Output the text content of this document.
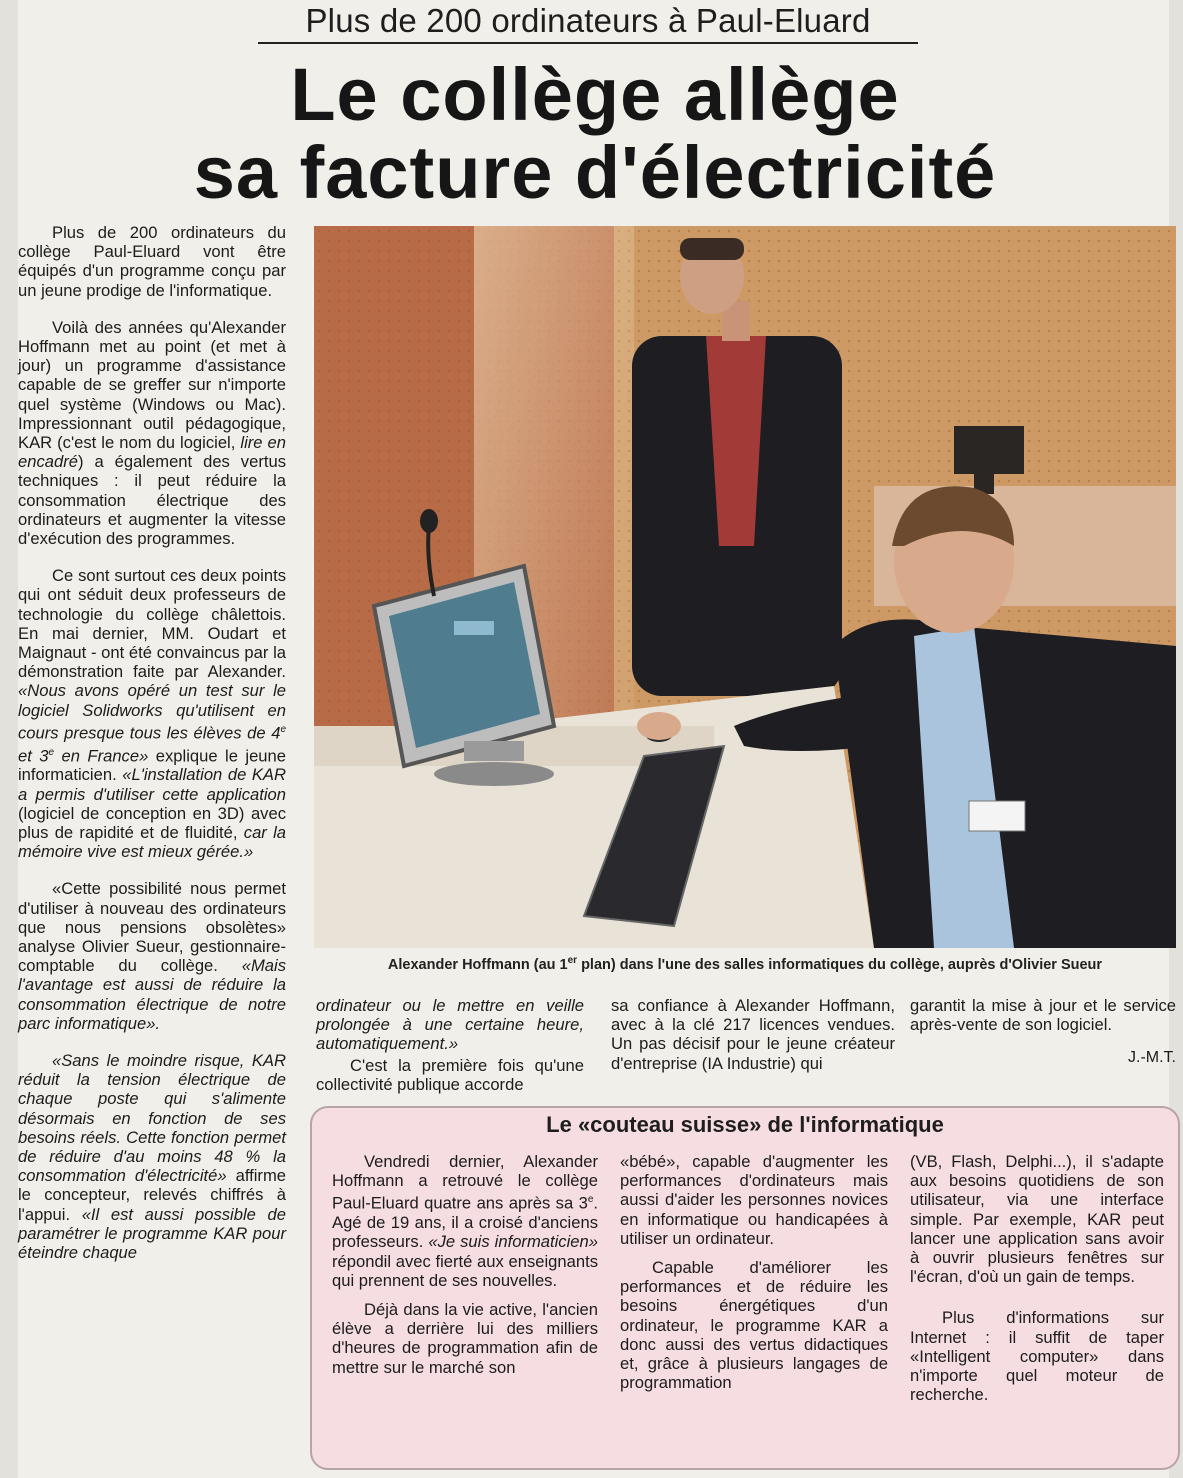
Plus de 200 ordinateurs à Paul-Eluard
Le collège allège
sa facture d'électricité

Plus de 200 ordinateurs du collège Paul-Eluard vont être équipés d'un programme conçu par un jeune prodige de l'informatique.

Voilà des années qu'Alexander Hoffmann met au point (et met à jour) un programme d'assistance capable de se greffer sur n'importe quel système (Windows ou Mac). Impressionnant outil pédagogique, KAR (c'est le nom du logiciel, lire en encadré) a également des vertus techniques : il peut réduire la consommation électrique des ordinateurs et augmenter la vitesse d'exécution des programmes.

Ce sont surtout ces deux points qui ont séduit deux professeurs de technologie du collège châlettois. En mai dernier, MM. Oudart et Maignaut - ont été convaincus par la démonstration faite par Alexander. «Nous avons opéré un test sur le logiciel Solidworks qu'utilisent en cours presque tous les élèves de 4e et 3e en France» explique le jeune informaticien. «L'installation de KAR a permis d'utiliser cette application (logiciel de conception en 3D) avec plus de rapidité et de fluidité, car la mémoire vive est mieux gérée.»

«Cette possibilité nous permet d'utiliser à nouveau des ordinateurs que nous pensions obsolètes» analyse Olivier Sueur, gestionnaire-comptable du collège. «Mais l'avantage est aussi de réduire la consommation électrique de notre parc informatique».

«Sans le moindre risque, KAR réduit la tension électrique de chaque poste qui s'alimente désormais en fonction de ses besoins réels. Cette fonction permet de réduire d'au moins 48 % la consommation d'électricité» affirme le concepteur, relevés chiffrés à l'appui. «Il est aussi possible de paramétrer le programme KAR pour éteindre chaque

Alexander Hoffmann (au 1er plan) dans l'une des salles informatiques du collège, auprès d'Olivier Sueur

ordinateur ou le mettre en veille prolongée à une certaine heure, automatiquement.»

C'est la première fois qu'une collectivité publique accorde

sa confiance à Alexander Hoffmann, avec à la clé 217 licences vendues. Un pas décisif pour le jeune créateur d'entreprise (IA Industrie) qui

garantit la mise à jour et le service après-vente de son logiciel.

J.-M.T.
Le «couteau suisse» de l'informatique

Vendredi dernier, Alexander Hoffmann a retrouvé le collège Paul-Eluard quatre ans après sa 3e. Agé de 19 ans, il a croisé d'anciens professeurs. «Je suis informaticien» répondil avec fierté aux enseignants qui prennent de ses nouvelles.

Déjà dans la vie active, l'ancien élève a derrière lui des milliers d'heures de programmation afin de mettre sur le marché son

«bébé», capable d'augmenter les performances d'ordinateurs mais aussi d'aider les personnes novices en informatique ou handicapées à utiliser un ordinateur.

Capable d'améliorer les performances et de réduire les besoins énergétiques d'un ordinateur, le programme KAR a donc aussi des vertus didactiques et, grâce à plusieurs langages de programmation

(VB, Flash, Delphi...), il s'adapte aux besoins quotidiens de son utilisateur, via une interface simple. Par exemple, KAR peut lancer une application sans avoir à ouvrir plusieurs fenêtres sur l'écran, d'où un gain de temps.

Plus d'informations sur Internet : il suffit de taper «Intelligent computer» dans n'importe quel moteur de recherche.
